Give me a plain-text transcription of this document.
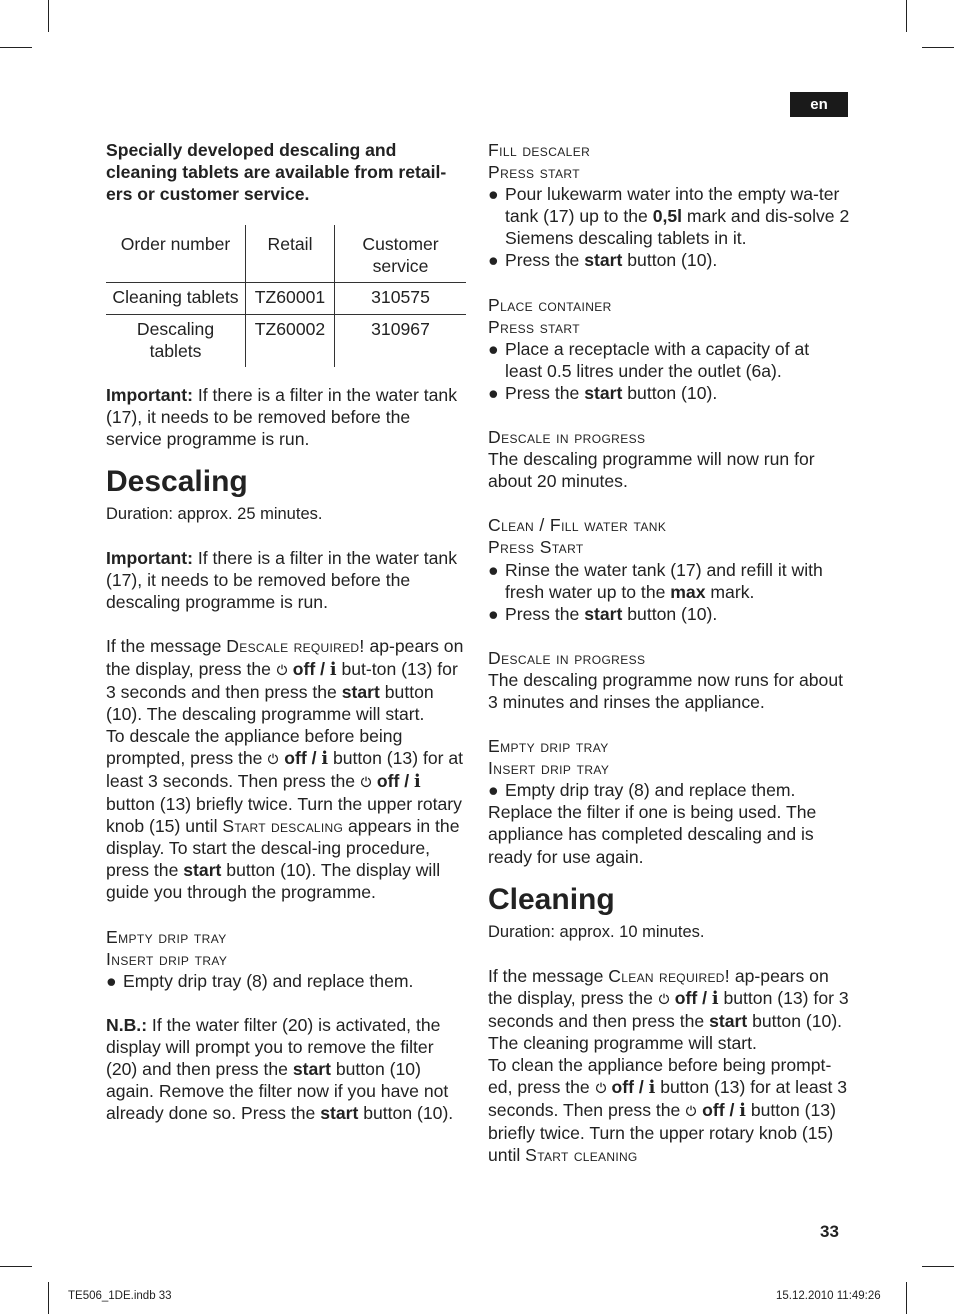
en

Specially developed descaling and cleaning tablets are available from retail-ers or customer service.

Order number	Retail	Customer service
Cleaning tablets	TZ60001	310575
Descaling tablets	TZ60002	310967

Important: If there is a filter in the water tank (17), it needs to be removed before the service programme is run.

Descaling

Duration: approx. 25 minutes.

Important: If there is a filter in the water tank (17), it needs to be removed before the descaling programme is run.

If the message Descale required! ap-pears on the display, press the  off / i but-ton (13) for 3 seconds and then press the start button (10). The descaling programme will start.

To descale the appliance before being prompted, press the  off / i button (13) for at least 3 seconds. Then press the  off / i button (13) briefly twice. Turn the upper rotary knob (15) until Start descaling appears in the display. To start the descal-ing procedure, press the start button (10). The display will guide you through the programme.

Empty drip tray

Insert drip tray

● Empty drip tray (8) and replace them.

N.B.: If the water filter (20) is activated, the display will prompt you to remove the filter (20) and then press the start button (10) again. Remove the filter now if you have not already done so. Press the start button (10).

Fill descaler

Press start

● Pour lukewarm water into the empty wa-ter tank (17) up to the 0,5l mark and dis-solve 2 Siemens descaling tablets in it.

● Press the start button (10).

Place container

Press start

● Place a receptacle with a capacity of at least 0.5 litres under the outlet (6a).

● Press the start button (10).

Descale in progress

The descaling programme will now run for about 20 minutes.

Clean / Fill water tank

Press Start

● Rinse the water tank (17) and refill it with fresh water up to the max mark.

● Press the start button (10).

Descale in progress

The descaling programme now runs for about 3 minutes and rinses the appliance.

Empty drip tray

Insert drip tray

● Empty drip tray (8) and replace them.

Replace the filter if one is being used. The appliance has completed descaling and is ready for use again.

Cleaning

Duration: approx. 10 minutes.

If the message Clean required! ap-pears on the display, press the  off / i button (13) for 3 seconds and then press the start button (10).

The cleaning programme will start.

To clean the appliance before being prompt-ed, press the  off / i button (13) for at least 3 seconds. Then press the  off / i button (13) briefly twice. Turn the upper rotary knob (15) until Start cleaning

33
TE506_1DE.indb 33	15.12.2010 11:49:26
